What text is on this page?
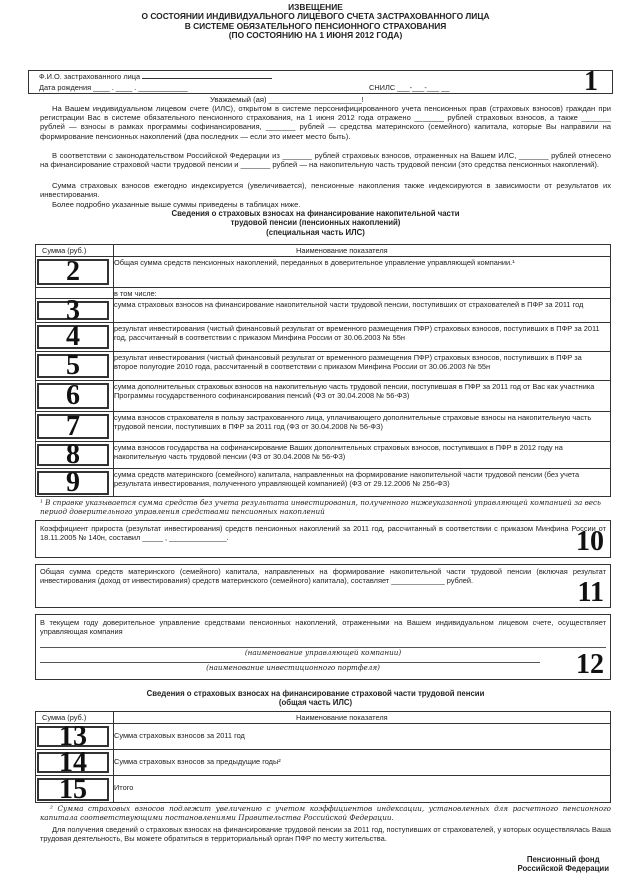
ИЗВЕЩЕНИЕ
О СОСТОЯНИИ ИНДИВИДУАЛЬНОГО ЛИЦЕВОГО СЧЕТА ЗАСТРАХОВАННОГО ЛИЦА
В СИСТЕМЕ ОБЯЗАТЕЛЬНОГО ПЕНСИОННОГО СТРАХОВАНИЯ
(ПО СОСТОЯНИЮ НА 1 ИЮНЯ 2012 ГОДА)
Ф.И.О. застрахованного лица
Дата рождения ____ . ____ . ____________	СНИЛС ___-___-___ __	1
Уважаемый (ая) ______________________!
На Вашем индивидуальном лицевом счете (ИЛС), открытом в системе персонифицированного учета пенсионных прав (страховых взносов) граждан при регистрации Вас в системе обязательного пенсионного страхования, на 1 июня 2012 года отражено _______ рублей страховых взносов, а также _______ рублей — взносы в рамках программы софинансирования, _______ рублей — средства материнского (семейного) капитала, которые Вы направили на формирование пенсионных накоплений (два последних — если это имеет место быть).
В соответствии с законодательством Российской Федерации из _______ рублей страховых взносов, отраженных на Вашем ИЛС, _______ рублей отнесено на финансирование страховой части трудовой пенсии и _______ рублей — на накопительную часть трудовой пенсии (это средства пенсионных накоплений).
Сумма страховых взносов ежегодно индексируется (увеличивается), пенсионные накопления также индексируются в зависимости от результатов их инвестирования.
Более подробно указанные выше суммы приведены в таблицах ниже.
Сведения о страховых взносах на финансирование накопительной части
трудовой пенсии (пенсионных накоплений)
(специальная часть ИЛС)
Сумма (руб.)	Наименование показателя
2	Общая сумма средств пенсионных накоплений, переданных в доверительное управление управляющей компании.¹
в том числе:
3	сумма страховых взносов на финансирование накопительной части трудовой пенсии, поступивших от страхователей в ПФР за 2011 год
4	результат инвестирования (чистый финансовый результат от временного размещения ПФР) страховых взносов, поступивших в ПФР за 2011 год, рассчитанный в соответствии с приказом Минфина России от 30.06.2003 № 55н
5	результат инвестирования (чистый финансовый результат от временного размещения ПФР) страховых взносов, поступивших в ПФР за второе полугодие 2010 года, рассчитанный в соответствии с приказом Минфина России от 30.06.2003 № 55н
6	сумма дополнительных страховых взносов на накопительную часть трудовой пенсии, поступившая в ПФР за 2011 год от Вас как участника Программы государственного софинансирования пенсий (ФЗ от 30.04.2008 № 56-ФЗ)
7	сумма взносов страхователя в пользу застрахованного лица, уплачивающего дополнительные страховые взносы на накопительную часть трудовой пенсии, поступивших в ПФР за 2011 год (ФЗ от 30.04.2008 № 56-ФЗ)
8	сумма взносов государства на софинансирование Ваших дополнительных страховых взносов, поступивших в ПФР в 2012 году на накопительную часть трудовой пенсии (ФЗ от 30.04.2008 № 56-ФЗ)
9	сумма средств материнского (семейного) капитала, направленных на формирование накопительной части трудовой пенсии (без учета результата инвестирования, полученного управляющей компанией) (ФЗ от 29.12.2006 № 256-ФЗ)
¹ В справке указывается сумма средств без учета результата инвестирования, полученного нижеуказанной управляющей компанией за весь период доверительного управления средствами пенсионных накоплений
Коэффициент прироста (результат инвестирования) средств пенсионных накоплений за 2011 год, рассчитанный в соответствии с приказом Минфина России от 18.11.2005 № 140н, составил _____ , ______________.	10
Общая сумма средств материнского (семейного) капитала, направленных на формирование накопительной части трудовой пенсии (включая результат инвестирования (доход от инвестирования) средств материнского (семейного) капитала), составляет _____________ рублей.	11
В текущем году доверительное управление средствами пенсионных накоплений, отраженными на Вашем индивидуальном лицевом счете, осуществляет управляющая компания
(наименование управляющей компании)
(наименование инвестиционного портфеля)	12
Сведения о страховых взносах на финансирование страховой части трудовой пенсии
(общая часть ИЛС)
Сумма (руб.)	Наименование показателя
13	Сумма страховых взносов за 2011 год
14	Сумма страховых взносов за предыдущие годы²
15	Итого
² Сумма страховых взносов подлежит увеличению с учетом коэффициентов индексации, установленных для расчетного пенсионного капитала соответствующими постановлениями Правительства Российской Федерации.
Для получения сведений о страховых взносах на финансирование трудовой пенсии за 2011 год, поступивших от страхователей, у которых осуществлялась Ваша трудовая деятельность, Вы можете обратиться в территориальный орган ПФР по месту жительства.
Пенсионный фонд
Российской Федерации
